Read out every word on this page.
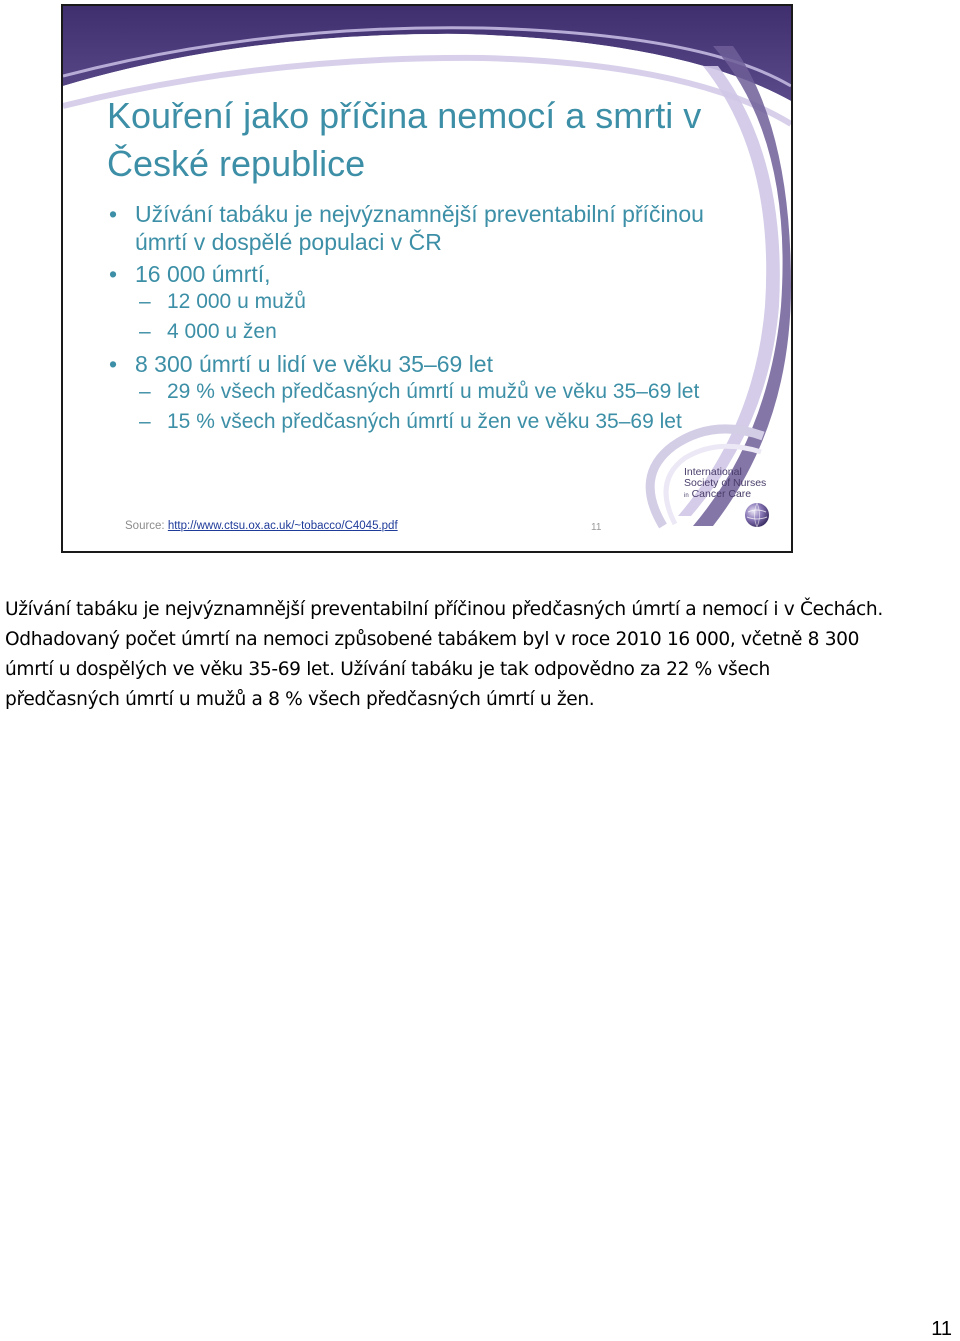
Kouření jako příčina nemocí a smrti v České republice
• Užívání tabáku je nejvýznamnější preventabilní příčinou úmrtí v dospělé populaci v ČR
• 16 000 úmrtí,
– 12 000 u mužů
– 4 000 u žen
• 8 300 úmrtí u lidí ve věku 35–69 let
– 29 % všech předčasných úmrtí u mužů ve věku 35–69 let
– 15 % všech předčasných úmrtí u žen ve věku 35–69 let
Source: http://www.ctsu.ox.ac.uk/~tobacco/C4045.pdf	11
International
Society of Nurses
in Cancer Care

Užívání tabáku je nejvýznamnější preventabilní příčinou předčasných úmrtí a nemocí i v Čechách. Odhadovaný počet úmrtí na nemoci způsobené tabákem byl v roce 2010 16 000, včetně 8 300 úmrtí u dospělých ve věku 35-69 let. Užívání tabáku je tak odpovědno za 22 % všech předčasných úmrtí u mužů a 8 % všech předčasných úmrtí u žen.

11
